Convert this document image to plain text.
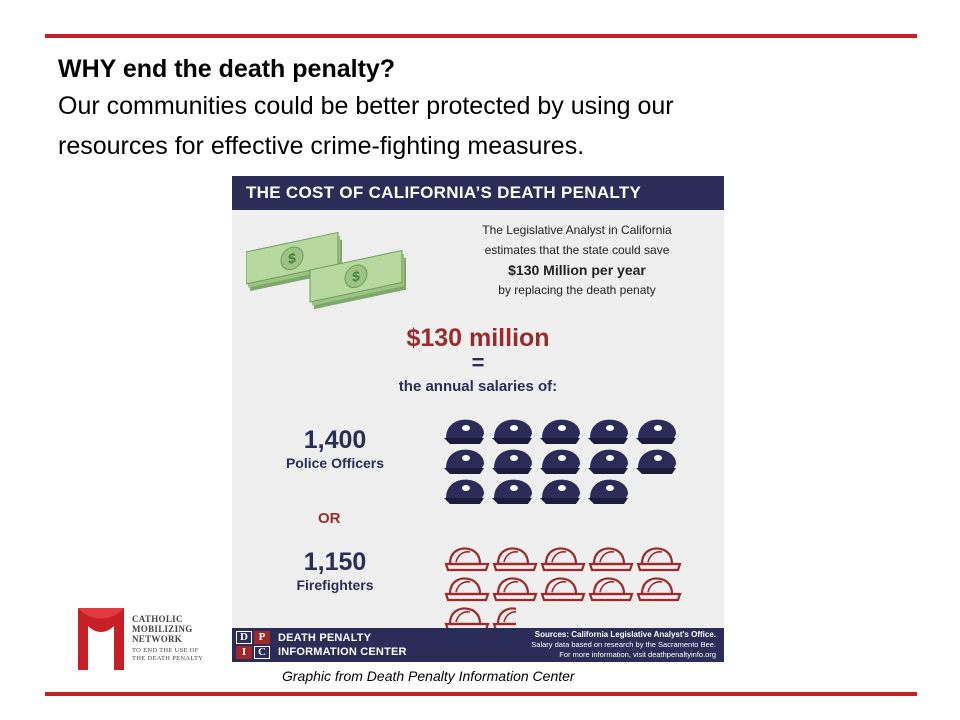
WHY end the death penalty?
Our communities could be better protected by using our
resources for effective crime-fighting measures.
THE COST OF CALIFORNIA’S DEATH PENALTY
$
$
The Legislative Analyst in California
estimates that the state could save
$130 Million per year
by replacing the death penaty
$130 million
=
the annual salaries of:
1,400
Police Officers
OR
1,150
Firefighters
D P
I	C
DEATH PENALTY
INFORMATION CENTER
Sources: California Legislative Analyst's Office.
Salary data based on research by the Sacramento Bee.
For more information, visit deathpenaltyinfo.org
CATHOLIC
MOBILIZING
NETWORK
TO END THE USE OF
THE DEATH PENALTY
Graphic from Death Penalty Information Center
